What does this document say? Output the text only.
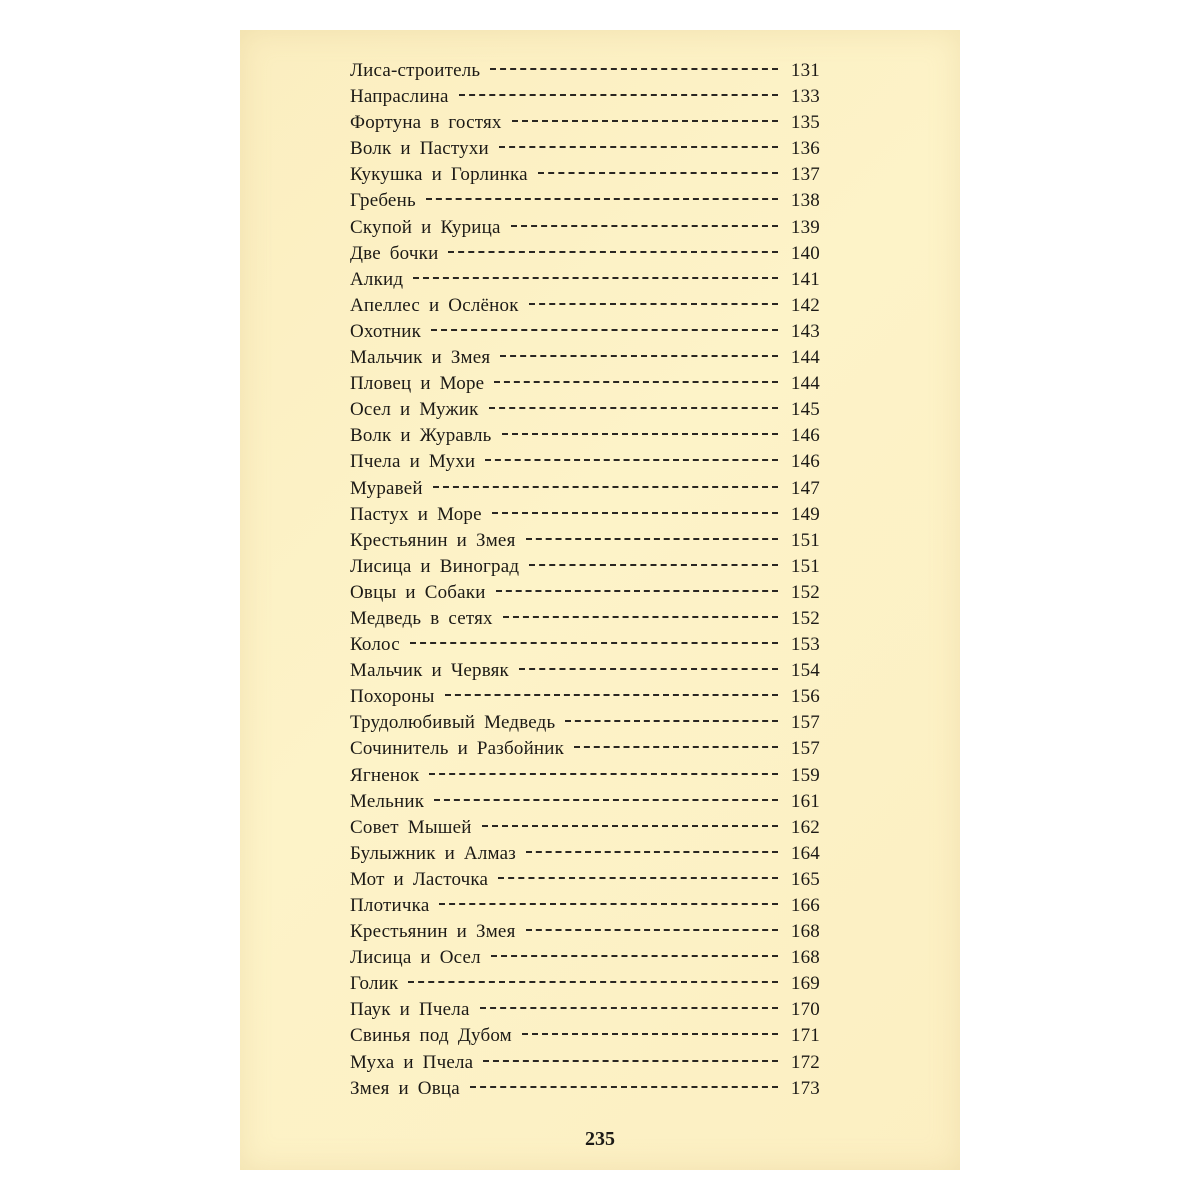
Лиса-строитель	131
Напраслина	133
Фортуна в гостях	135
Волк и Пастухи	136
Кукушка и Горлинка	137
Гребень	138
Скупой и Курица	139
Две бочки	140
Алкид	141
Апеллес и Ослёнок	142
Охотник	143
Мальчик и Змея	144
Пловец и Море	144
Осел и Мужик	145
Волк и Журавль	146
Пчела и Мухи	146
Муравей	147
Пастух и Море	149
Крестьянин и Змея	151
Лисица и Виноград	151
Овцы и Собаки	152
Медведь в сетях	152
Колос	153
Мальчик и Червяк	154
Похороны	156
Трудолюбивый Медведь	157
Сочинитель и Разбойник	157
Ягненок	159
Мельник	161
Совет Мышей	162
Булыжник и Алмаз	164
Мот и Ласточка	165
Плотичка	166
Крестьянин и Змея	168
Лисица и Осел	168
Голик	169
Паук и Пчела	170
Свинья под Дубом	171
Муха и Пчела	172
Змея и Овца	173
235
